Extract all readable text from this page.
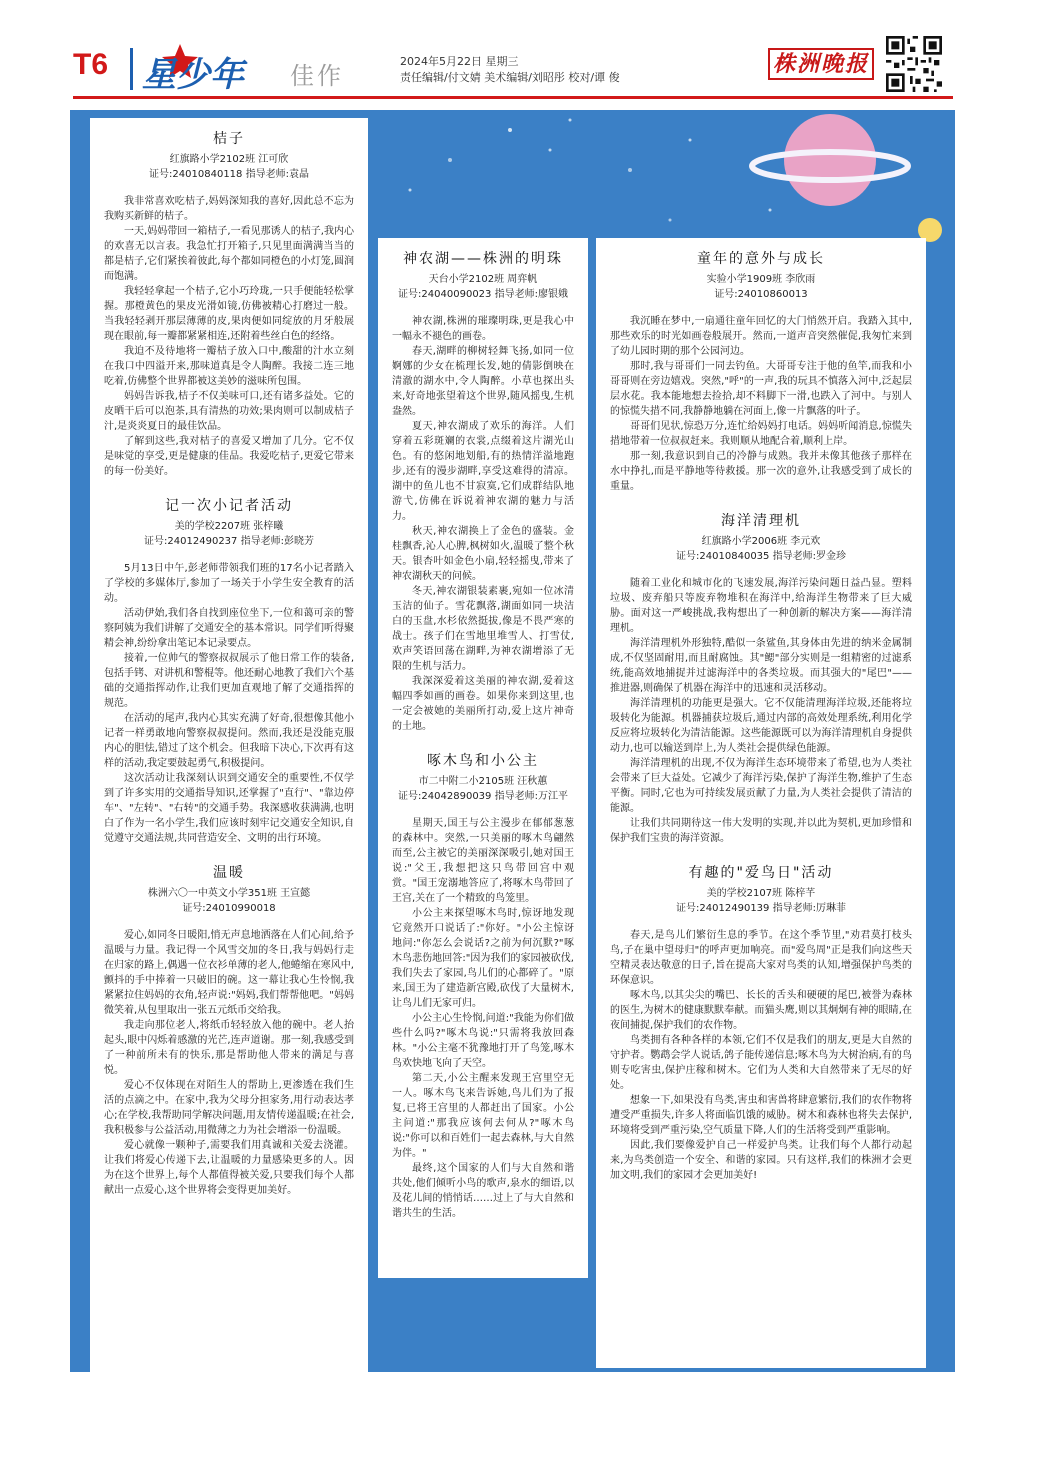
T6 星少年 佳作
2024年5月22日 星期三
责任编辑/付文婧 美术编辑/刘昭彤 校对/谭 俊
株洲晚报
桔子
红旗路小学2102班 江可欣
证号:24010840118 指导老师:袁晶

我非常喜欢吃桔子,妈妈深知我的喜好,因此总不忘为我购买新鲜的桔子。

一天,妈妈带回一箱桔子,一看见那诱人的桔子,我内心的欢喜无以言表。我急忙打开箱子,只见里面满满当当的都是桔子,它们紧挨着彼此,每个都如同橙色的小灯笼,圆润而饱满。

我轻轻拿起一个桔子,它小巧玲珑,一只手便能轻松掌握。那橙黄色的果皮光滑如镜,仿佛被精心打磨过一般。当我轻轻剥开那层薄薄的皮,果肉便如同绽放的月牙般展现在眼前,每一瓣都紧紧相连,还附着些丝白色的经络。

我迫不及待地将一瓣桔子放入口中,酸甜的汁水立刻在我口中四溢开来,那味道真是令人陶醉。我接二连三地吃着,仿佛整个世界都被这美妙的滋味所包围。

妈妈告诉我,桔子不仅美味可口,还有诸多益处。它的皮晒干后可以泡茶,具有清热的功效;果肉则可以制成桔子汁,是炎炎夏日的最佳饮品。

了解到这些,我对桔子的喜爱又增加了几分。它不仅是味觉的享受,更是健康的佳品。我爱吃桔子,更爱它带来的每一份美好。

记一次小记者活动
美的学校2207班 张梓曦
证号:24012490237 指导老师:彭晓芳

5月13日中午,彭老师带领我们班的17名小记者踏入了学校的多媒体厅,参加了一场关于小学生安全教育的活动。

活动伊始,我们各自找到座位坐下,一位和蔼可亲的警察阿姨为我们讲解了交通安全的基本常识。同学们听得聚精会神,纷纷拿出笔记本记录要点。

接着,一位帅气的警察叔叔展示了他日常工作的装备,包括手铐、对讲机和警棍等。他还耐心地教了我们六个基础的交通指挥动作,让我们更加直观地了解了交通指挥的规范。

在活动的尾声,我内心其实充满了好奇,很想像其他小记者一样勇敢地向警察叔叔提问。然而,我还是没能克服内心的胆怯,错过了这个机会。但我暗下决心,下次再有这样的活动,我定要鼓起勇气,积极提问。

这次活动让我深刻认识到交通安全的重要性,不仅学到了许多实用的交通指导知识,还掌握了"直行"、"靠边停车"、"左转"、"右转"的交通手势。我深感收获满满,也明白了作为一名小学生,我们应该时刻牢记交通安全知识,自觉遵守交通法规,共同营造安全、文明的出行环境。

温暖
株洲六〇一中英文小学351班 王宣懿
证号:24010990018

爱心,如同冬日暖阳,悄无声息地洒落在人们心间,给予温暖与力量。我记得一个风雪交加的冬日,我与妈妈行走在归家的路上,偶遇一位衣衫单薄的老人,他蜷缩在寒风中,颤抖的手中捧着一只破旧的碗。这一幕让我心生怜悯,我紧紧拉住妈妈的衣角,轻声说:"妈妈,我们帮帮他吧。"妈妈微笑着,从包里取出一张五元纸币交给我。

我走向那位老人,将纸币轻轻放入他的碗中。老人抬起头,眼中闪烁着感激的光芒,连声道谢。那一刻,我感受到了一种前所未有的快乐,那是帮助他人带来的满足与喜悦。

爱心不仅体现在对陌生人的帮助上,更渗透在我们生活的点滴之中。在家中,我为父母分担家务,用行动表达孝心;在学校,我帮助同学解决问题,用友情传递温暖;在社会,我积极参与公益活动,用微薄之力为社会增添一份温暖。

爱心就像一颗种子,需要我们用真诚和关爱去浇灌。让我们将爱心传递下去,让温暖的力量感染更多的人。因为在这个世界上,每个人都值得被关爱,只要我们每个人都献出一点爱心,这个世界将会变得更加美好。

神农湖——株洲的明珠
天台小学2102班 周弈帆
证号:24040090023 指导老师:廖银娥

神农湖,株洲的璀璨明珠,更是我心中一幅永不褪色的画卷。

春天,湖畔的柳树轻舞飞扬,如同一位婀娜的少女在梳理长发,她的倩影倒映在清澈的湖水中,令人陶醉。小草也探出头来,好奇地张望着这个世界,随风摇曳,生机盎然。

夏天,神农湖成了欢乐的海洋。人们穿着五彩斑斓的衣裳,点缀着这片湖光山色。有的悠闲地划船,有的热情洋溢地跑步,还有的漫步湖畔,享受这难得的清凉。湖中的鱼儿也不甘寂寞,它们成群结队地游弋,仿佛在诉说着神农湖的魅力与活力。

秋天,神农湖换上了金色的盛装。金桂飘香,沁人心脾,枫树如火,温暖了整个秋天。银杏叶如金色小扇,轻轻摇曳,带来了神农湖秋天的问候。

冬天,神农湖银装素裹,宛如一位冰清玉洁的仙子。雪花飘落,湖面如同一块洁白的玉盘,水杉依然挺拔,像是不畏严寒的战士。孩子们在雪地里堆雪人、打雪仗,欢声笑语回荡在湖畔,为神农湖增添了无限的生机与活力。

我深深爱着这美丽的神农湖,爱着这幅四季如画的画卷。如果你来到这里,也一定会被她的美丽所打动,爱上这片神奇的土地。

啄木鸟和小公主
市二中附二小2105班 汪秋蕙
证号:24042890039 指导老师:万江平

星期天,国王与公主漫步在郁郁葱葱的森林中。突然,一只美丽的啄木鸟翩然而至,公主被它的美丽深深吸引,她对国王说:"父王,我想把这只鸟带回宫中观赏。"国王宠溺地答应了,将啄木鸟带回了王宫,关在了一个精致的鸟笼里。

小公主来探望啄木鸟时,惊讶地发现它竟然开口说话了:"你好。"小公主惊讶地问:"你怎么会说话?之前为何沉默?"啄木鸟悲伤地回答:"因为我们的家园被砍伐,我们失去了家园,鸟儿们的心都碎了。"原来,国王为了建造新宫殿,砍伐了大量树木,让鸟儿们无家可归。

小公主心生怜悯,问道:"我能为你们做些什么吗?"啄木鸟说:"只需将我放回森林。"小公主毫不犹豫地打开了鸟笼,啄木鸟欢快地飞向了天空。

第二天,小公主醒来发现王宫里空无一人。啄木鸟飞来告诉她,鸟儿们为了报复,已将王宫里的人都赶出了国家。小公主问道:"那我应该何去何从?"啄木鸟说:"你可以和百姓们一起去森林,与大自然为伴。"

最终,这个国家的人们与大自然和谐共处,他们倾听小鸟的歌声,泉水的细语,以及花儿间的悄悄话……过上了与大自然和谐共生的生活。

童年的意外与成长
实验小学1909班 李欣雨
证号:24010860013

我沉睡在梦中,一扇通往童年回忆的大门悄然开启。我踏入其中,那些欢乐的时光如画卷般展开。然而,一道声音突然催促,我匆忙来到了幼儿园时期的那个公园河边。

那时,我与哥哥们一同去钓鱼。大哥哥专注于他的鱼竿,而我和小哥哥则在旁边嬉戏。突然,"呼"的一声,我的玩具不慎落入河中,泛起层层水花。我本能地想去捡拾,却不料脚下一滑,也跌入了河中。与别人的惊慌失措不同,我静静地躺在河面上,像一片飘落的叶子。

哥哥们见状,惊恐万分,连忙给妈妈打电话。妈妈听闻消息,惊慌失措地带着一位叔叔赶来。我则顺从地配合着,顺利上岸。

那一刻,我意识到自己的冷静与成熟。我并未像其他孩子那样在水中挣扎,而是平静地等待救援。那一次的意外,让我感受到了成长的重量。

海洋清理机
红旗路小学2006班 李元欢
证号:24010840035 指导老师:罗金珍

随着工业化和城市化的飞速发展,海洋污染问题日益凸显。塑料垃圾、废弃船只等废弃物堆积在海洋中,给海洋生物带来了巨大威胁。面对这一严峻挑战,我构想出了一种创新的解决方案——海洋清理机。

海洋清理机外形独特,酷似一条鲨鱼,其身体由先进的纳米金属制成,不仅坚固耐用,而且耐腐蚀。其"鳃"部分实则是一组精密的过滤系统,能高效地捕捉并过滤海洋中的各类垃圾。而其强大的"尾巴"——推进器,则确保了机器在海洋中的迅速和灵活移动。

海洋清理机的功能更是强大。它不仅能清理海洋垃圾,还能将垃圾转化为能源。机器捕获垃圾后,通过内部的高效处理系统,利用化学反应将垃圾转化为清洁能源。这些能源既可以为海洋清理机自身提供动力,也可以输送到岸上,为人类社会提供绿色能源。

海洋清理机的出现,不仅为海洋生态环境带来了希望,也为人类社会带来了巨大益处。它减少了海洋污染,保护了海洋生物,维护了生态平衡。同时,它也为可持续发展贡献了力量,为人类社会提供了清洁的能源。

让我们共同期待这一伟大发明的实现,并以此为契机,更加珍惜和保护我们宝贵的海洋资源。

有趣的"爱鸟日"活动
美的学校2107班 陈梓芊
证号:24012490139 指导老师:厉琳菲

春天,是鸟儿们繁衍生息的季节。在这个季节里,"劝君莫打枝头鸟,子在巢中望母归"的呼声更加响亮。而"爱鸟周"正是我们向这些天空精灵表达敬意的日子,旨在提高大家对鸟类的认知,增强保护鸟类的环保意识。

啄木鸟,以其尖尖的嘴巴、长长的舌头和硬硬的尾巴,被誉为森林的医生,为树木的健康默默奉献。而猫头鹰,则以其炯炯有神的眼睛,在夜间捕捉,保护我们的农作物。

鸟类拥有各种各样的本领,它们不仅是我们的朋友,更是大自然的守护者。鹦鹉会学人说话,鸽子能传递信息;啄木鸟为大树治病,有的鸟则专吃害虫,保护庄稼和树木。它们为人类和大自然带来了无尽的好处。

想象一下,如果没有鸟类,害虫和害兽将肆意繁衍,我们的农作物将遭受严重损失,许多人将面临饥饿的威胁。树木和森林也将失去保护,环境将受到严重污染,空气质量下降,人们的生活将受到严重影响。

因此,我们要像爱护自己一样爱护鸟类。让我们每个人都行动起来,为鸟类创造一个安全、和谐的家园。只有这样,我们的株洲才会更加文明,我们的家园才会更加美好!
